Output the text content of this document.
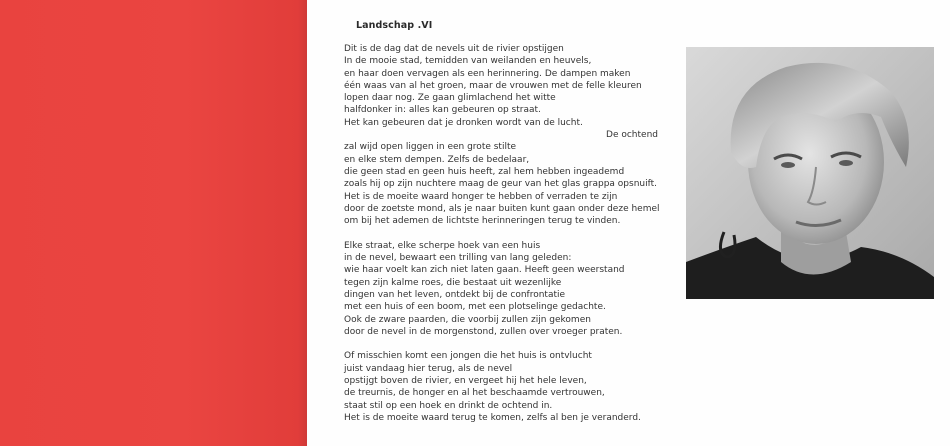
Landschap .VI
Dit is de dag dat de nevels uit de rivier opstijgen
In de mooie stad, temidden van weilanden en heuvels,
en haar doen vervagen als een herinnering. De dampen maken
één waas van al het groen, maar de vrouwen met de felle kleuren
lopen daar nog. Ze gaan glimlachend het witte
halfdonker in: alles kan gebeuren op straat.
Het kan gebeuren dat je dronken wordt van de lucht.
De ochtend
zal wijd open liggen in een grote stilte
en elke stem dempen. Zelfs de bedelaar,
die geen stad en geen huis heeft, zal hem hebben ingeademd
zoals hij op zijn nuchtere maag de geur van het glas grappa opsnuift.
Het is de moeite waard honger te hebben of verraden te zijn
door de zoetste mond, als je naar buiten kunt gaan onder deze hemel
om bij het ademen de lichtste herinneringen terug te vinden.
Elke straat, elke scherpe hoek van een huis
in de nevel, bewaart een trilling van lang geleden:
wie haar voelt kan zich niet laten gaan. Heeft geen weerstand
tegen zijn kalme roes, die bestaat uit wezenlijke
dingen van het leven, ontdekt bij de confrontatie
met een huis of een boom, met een plotselinge gedachte.
Ook de zware paarden, die voorbij zullen zijn gekomen
door de nevel in de morgenstond, zullen over vroeger praten.
Of misschien komt een jongen die het huis is ontvlucht
juist vandaag hier terug, als de nevel
opstijgt boven de rivier, en vergeet hij het hele leven,
de treurnis, de honger en al het beschaamde vertrouwen,
staat stil op een hoek en drinkt de ochtend in.
Het is de moeite waard terug te komen, zelfs al ben je veranderd.
